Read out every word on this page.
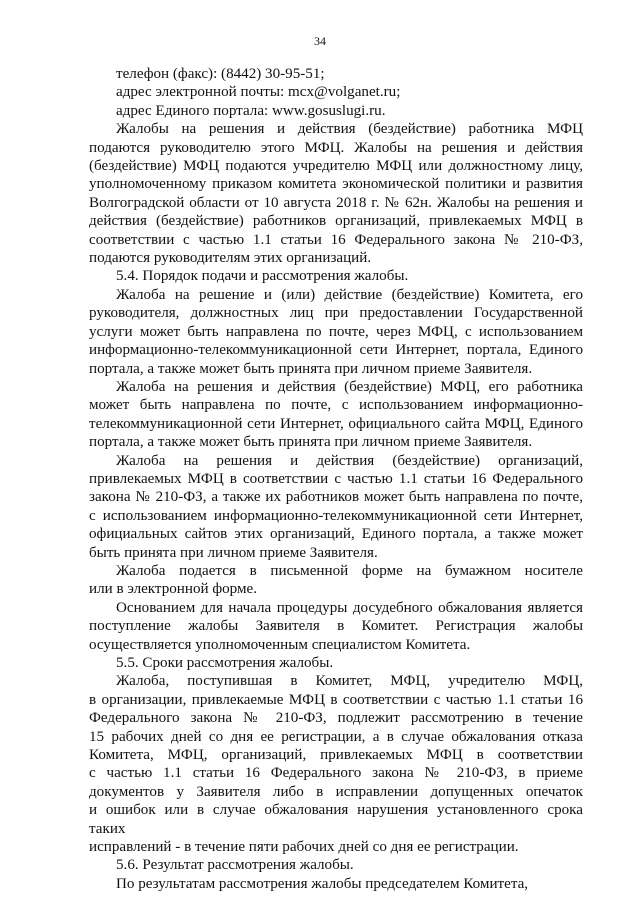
34
телефон (факс): (8442) 30-95-51;
адрес электронной почты: mcx@volganet.ru;
адрес Единого портала: www.gosuslugi.ru.
Жалобы на решения и действия (бездействие) работника МФЦ
подаются руководителю этого МФЦ. Жалобы на решения и действия
(бездействие) МФЦ подаются учредителю МФЦ или должностному лицу,
уполномоченному приказом комитета экономической политики и развития
Волгоградской области от 10 августа 2018 г. № 62н. Жалобы на решения и
действия (бездействие) работников организаций, привлекаемых МФЦ в
соответствии с частью 1.1 статьи 16 Федерального закона № 210-ФЗ,
подаются руководителям этих организаций.
5.4. Порядок подачи и рассмотрения жалобы.
Жалоба на решение и (или) действие (бездействие) Комитета, его
руководителя, должностных лиц при предоставлении Государственной
услуги может быть направлена по почте, через МФЦ, с использованием
информационно-телекоммуникационной сети Интернет, портала, Единого
портала, а также может быть принята при личном приеме Заявителя.
Жалоба на решения и действия (бездействие) МФЦ, его работника
может быть направлена по почте, с использованием информационно-
телекоммуникационной сети Интернет, официального сайта МФЦ, Единого
портала, а также может быть принята при личном приеме Заявителя.
Жалоба на решения и действия (бездействие) организаций,
привлекаемых МФЦ в соответствии с частью 1.1 статьи 16 Федерального
закона № 210-ФЗ, а также их работников может быть направлена по почте,
с использованием информационно-телекоммуникационной сети Интернет,
официальных сайтов этих организаций, Единого портала, а также может
быть принята при личном приеме Заявителя.
Жалоба подается в письменной форме на бумажном носителе
или в электронной форме.
Основанием для начала процедуры досудебного обжалования является
поступление жалобы Заявителя в Комитет. Регистрация жалобы
осуществляется уполномоченным специалистом Комитета.
5.5. Сроки рассмотрения жалобы.
Жалоба, поступившая в Комитет, МФЦ, учредителю МФЦ,
в организации, привлекаемые МФЦ в соответствии с частью 1.1 статьи 16
Федерального закона № 210-ФЗ, подлежит рассмотрению в течение
15 рабочих дней со дня ее регистрации, а в случае обжалования отказа
Комитета, МФЦ, организаций, привлекаемых МФЦ в соответствии
с частью 1.1 статьи 16 Федерального закона № 210-ФЗ, в приеме
документов у Заявителя либо в исправлении допущенных опечаток
и ошибок или в случае обжалования нарушения установленного срока таких
исправлений - в течение пяти рабочих дней со дня ее регистрации.
5.6. Результат рассмотрения жалобы.
По результатам рассмотрения жалобы председателем Комитета,
